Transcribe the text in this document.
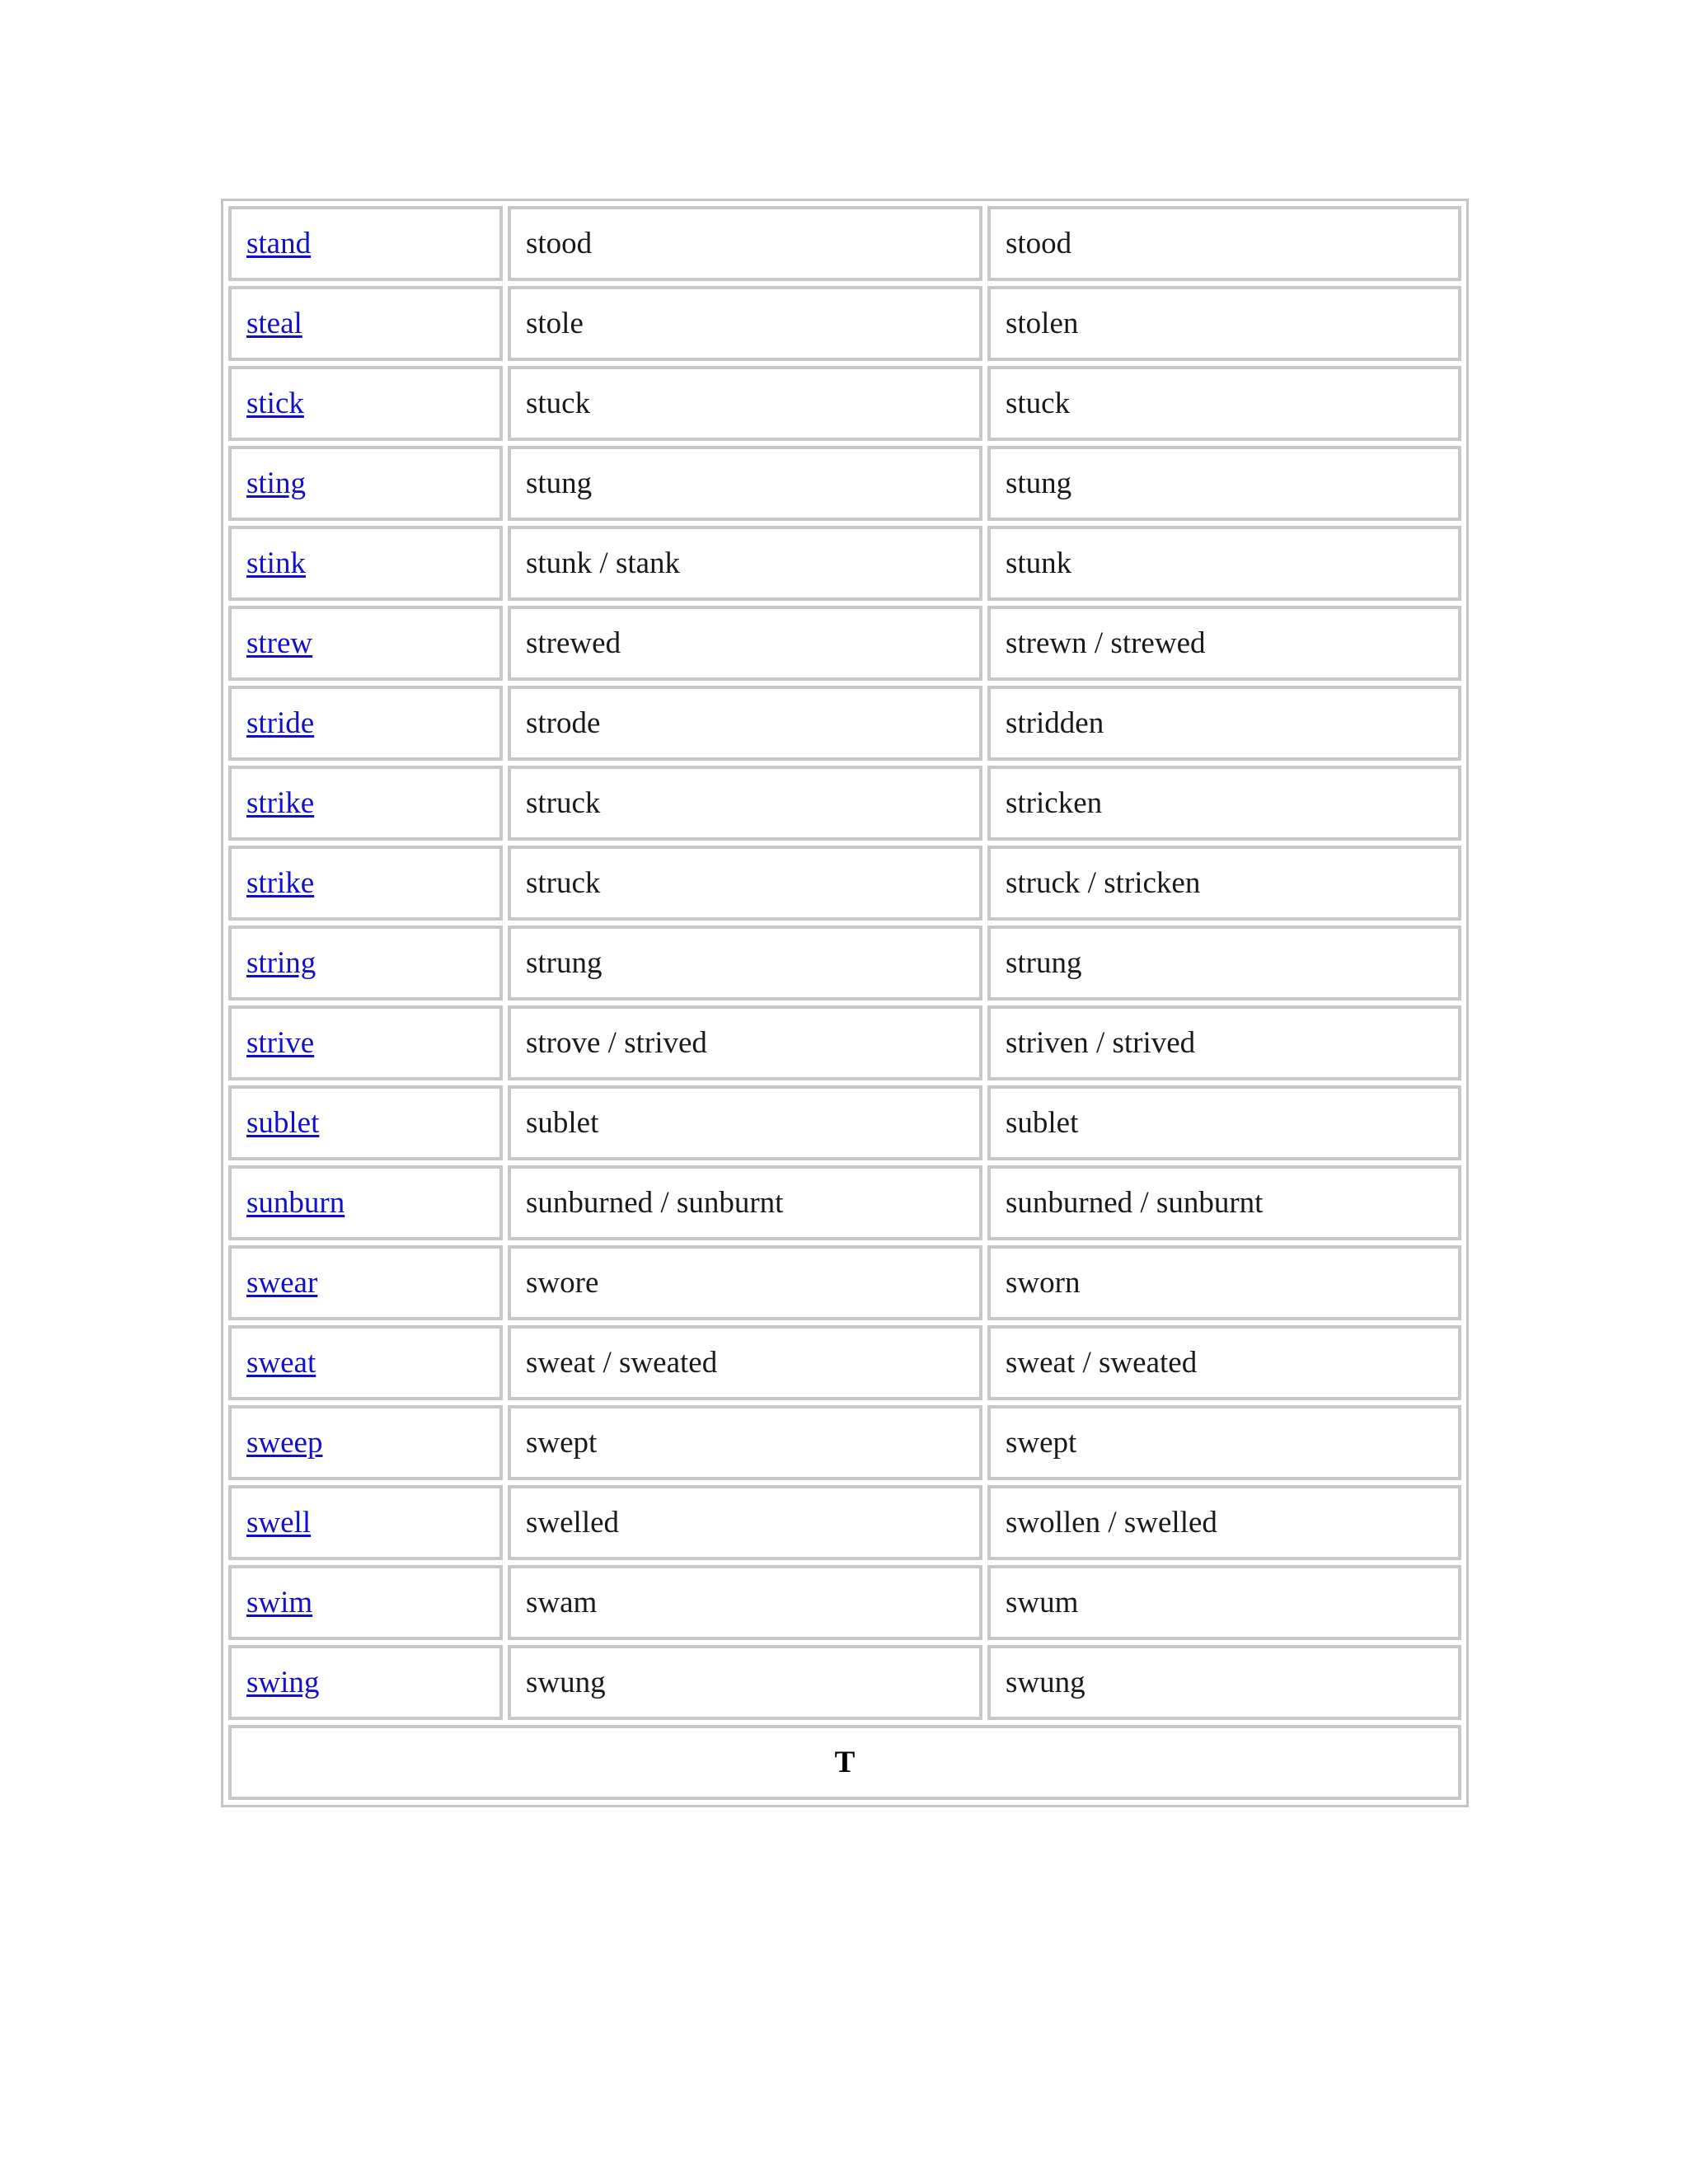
stand	stood	stood
steal	stole	stolen
stick	stuck	stuck
sting	stung	stung
stink	stunk / stank	stunk
strew	strewed	strewn / strewed
stride	strode	stridden
strike	struck	stricken
strike	struck	struck / stricken
string	strung	strung
strive	strove / strived	striven / strived
sublet	sublet	sublet
sunburn	sunburned / sunburnt	sunburned / sunburnt
swear	swore	sworn
sweat	sweat / sweated	sweat / sweated
sweep	swept	swept
swell	swelled	swollen / swelled
swim	swam	swum
swing	swung	swung
T		
